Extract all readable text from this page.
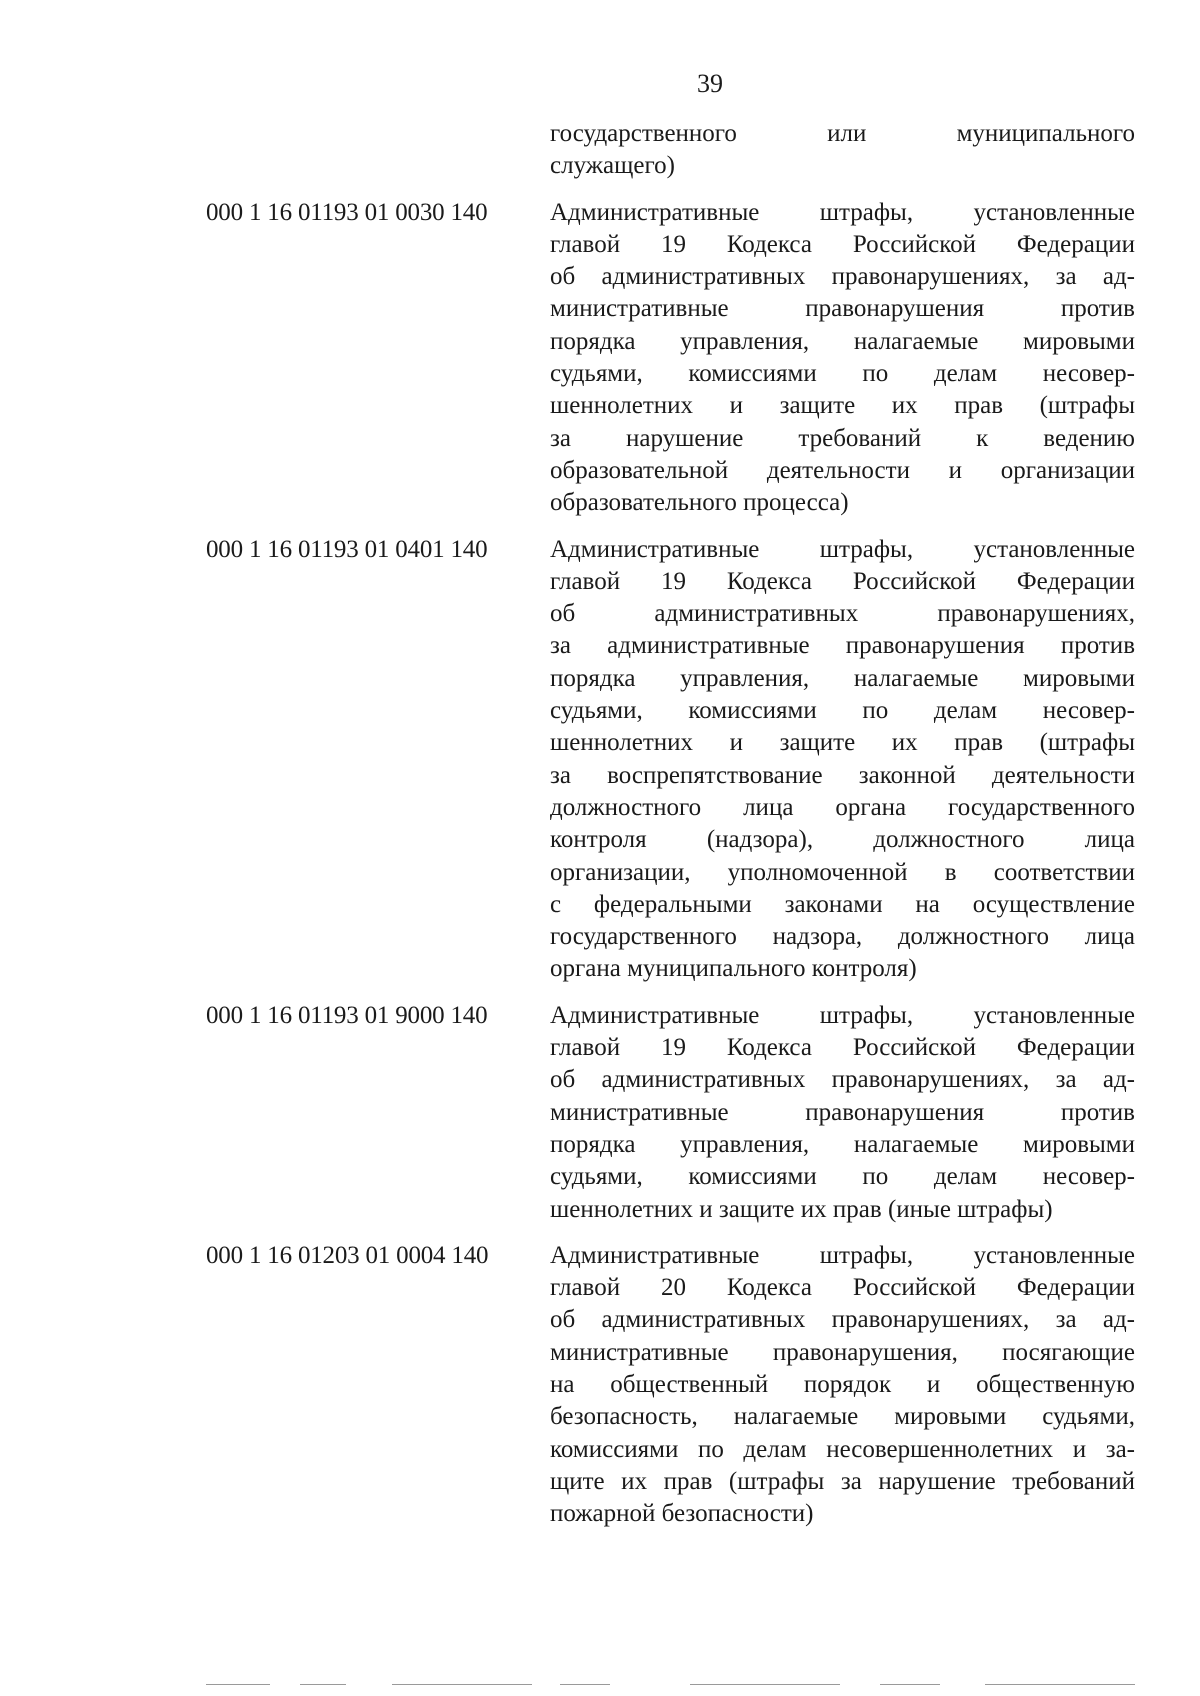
39
государственного или муниципального
служащего)
000 1 16 01193 01 0030 140	Административные штрафы, установленные
главой 19 Кодекса Российской Федерации
об административных правонарушениях, за ад-
министративные правонарушения против
порядка управления, налагаемые мировыми
судьями, комиссиями по делам несовер-
шеннолетних и защите их прав (штрафы
за нарушение требований к ведению
образовательной деятельности и организации
образовательного процесса)
000 1 16 01193 01 0401 140	Административные штрафы, установленные
главой 19 Кодекса Российской Федерации
об административных правонарушениях,
за административные правонарушения против
порядка управления, налагаемые мировыми
судьями, комиссиями по делам несовер-
шеннолетних и защите их прав (штрафы
за воспрепятствование законной деятельности
должностного лица органа государственного
контроля (надзора), должностного лица
организации, уполномоченной в соответствии
с федеральными законами на осуществление
государственного надзора, должностного лица
органа муниципального контроля)
000 1 16 01193 01 9000 140	Административные штрафы, установленные
главой 19 Кодекса Российской Федерации
об административных правонарушениях, за ад-
министративные правонарушения против
порядка управления, налагаемые мировыми
судьями, комиссиями по делам несовер-
шеннолетних и защите их прав (иные штрафы)
000 1 16 01203 01 0004 140	Административные штрафы, установленные
главой 20 Кодекса Российской Федерации
об административных правонарушениях, за ад-
министративные правонарушения, посягающие
на общественный порядок и общественную
безопасность, налагаемые мировыми судьями,
комиссиями по делам несовершеннолетних и за-
щите их прав (штрафы за нарушение требований
пожарной безопасности)
